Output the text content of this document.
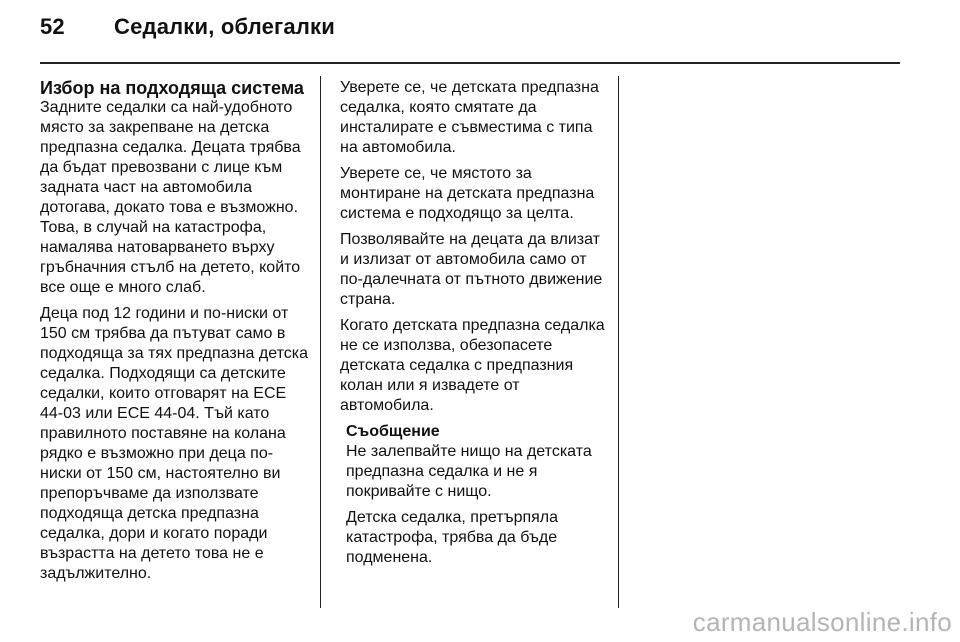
52 Седалки, облегалки
Избор на подходяща система

Задните седалки са най-удобното място за закрепване на детска предпазна седалка. Децата трябва да бъдат превозвани с лице към задната част на автомобила дотогава, докато това е възможно. Това, в случай на катастрофа, намалява натоварването върху гръбначния стълб на детето, който все още е много слаб.

Деца под 12 години и по-ниски от 150 см трябва да пътуват само в подходяща за тях предпазна детска седалка. Подходящи са детските седалки, които отговарят на ECE 44-03 или ECE 44-04. Тъй като правилното поставяне на колана рядко е възможно при деца по-ниски от 150 см, настоятелно ви препоръчваме да използвате подходяща детска предпазна седалка, дори и когато поради възрастта на детето това не е задължително.

Уверете се, че детската предпазна седалка, която смятате да инсталирате е съвместима с типа на автомобила.

Уверете се, че мястото за монтиране на детската предпазна система е подходящо за целта.

Позволявайте на децата да влизат и излизат от автомобила само от по-далечната от пътното движение страна.

Когато детската предпазна седалка не се използва, обезопасете детската седалка с предпазния колан или я извадете от автомобила.

Съобщение

Не залепвайте нищо на детската предпазна седалка и не я покривайте с нищо.

Детска седалка, претърпяла катастрофа, трябва да бъде подменена.

carmanualsonline.info
